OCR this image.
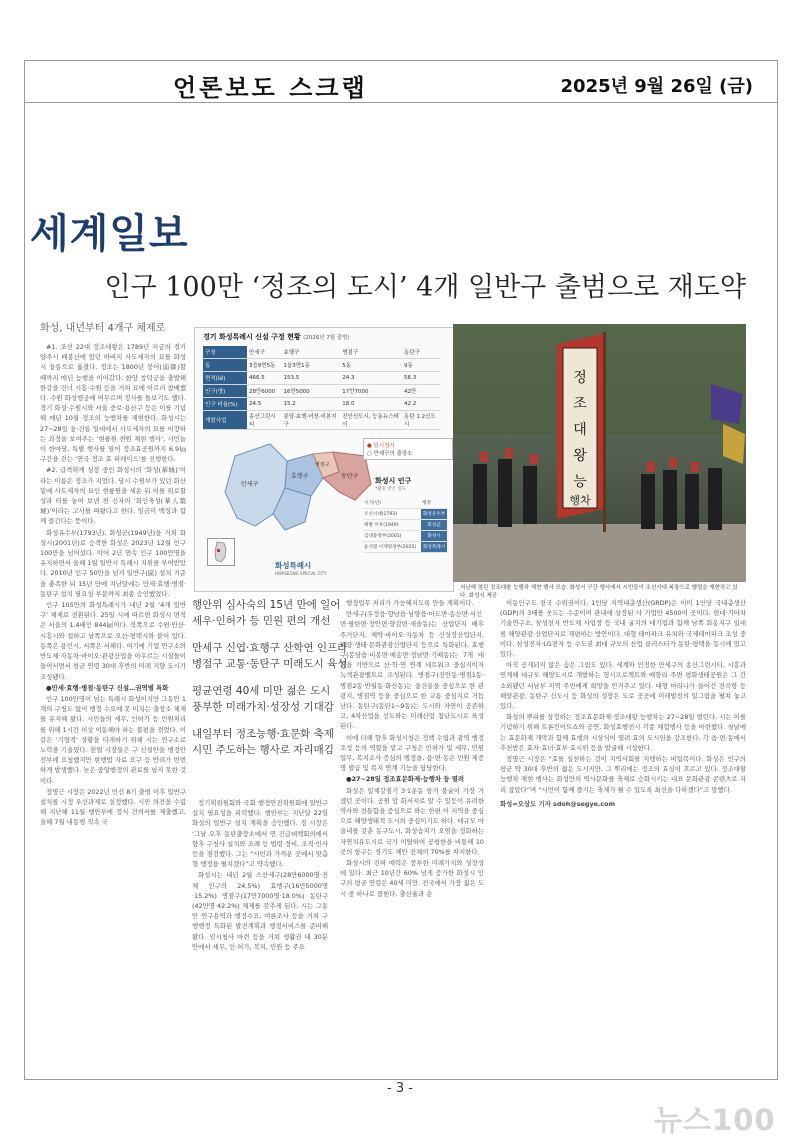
언론보도 스크랩	2025년 9월 26일 (금)
세계일보
인구 100만 ‘정조의 도시’ 4개 일반구 출범으로 재도약
화성, 내년부터 4개구 체제로

#1. 조선 22대 정조대왕은 1789년 지금의 경기 양주시 배봉산에 있던 아버지 사도세자의 묘를 화성시 융릉으로 옮겼다. 정조는 1800년 붕어(崩御)할 때까지 매년 능행을 이어갔다. 한양 창덕궁을 출발해 한강을 건너 시흥·수원 등을 거쳐 묘에 이르러 참배했다. 수원 화성행궁에 머무르며 정사를 돌보기도 했다. 경기 화성·수원시와 서울 중로·용산구 등은 이를 기념해 매년 10월 정조의 능행차를 재현한다. 화성시는 27~28일 융·건릉 일대에서 사도세자의 묘를 이장하는 과정을 보여주는 ‘현륭원 천원 재현 행사’, 시민놀이 한마당, 특별 행사를 열어 정조효공원까지 6.9㎞ 구간을 걷는 ‘연국 정조 효 퍼레이드’를 진행한다.

#2. 급격하게 성장 중인 화성시의 ‘화성(華城)’이라는 이름은 정조가 지었다. 당시 수원부가 있던 화산 밑에 사도세자의 묘인 현륭원을 세운 뒤 이를 위로할 성과 터를 놓여 보낸 천 신자의 ‘화인축성(華人築城)’이라는 고사를 따왔다고 한다. 임금이 백성과 함께 즐긴다는 뜻이다.

화성유수부(1793년), 화성군(1949년)을 거쳐 화성시(2001년)로 승격한 화성은 2023년 12월 인구 100만을 넘어섰다. 이어 2년 연속 인구 100만명을 유지하면서 올해 1월 일반시 특례시 지위를 부여받았다. 2010년 인구 50만을 넘겨 일반구(區) 설치 기준을 충족한 뒤 15년 만에 지난달에는 만세·효행·병점·동탄구 설치 필요성 부문까지 최종 승인했었다.

인구 105만의 화성특례시가 내년 2월 ‘4개 일반구’ 체제로 전환된다. 25일 시에 따르면 화성시 면적은 서울의 1.4배인 844㎢이다. 북쪽으로 수원·안산·시흥시와 접하고 남쪽으로 오산·평택시와 붙어 있다. 동쪽은 용인시, 서쪽은 서해다. 여기에 기업 연구소와 반도체·자동차·바이오·관광산업을 아우르는 시설들이 들어서면서 평균 연령 30대 후반의 미래 지향 도시가 조성됐다.

●만세·효행·병점·동탄구 신설…권역별 특화

인구 100만명이 넘는 특례시 화성이지만 그동안 1개의 구청도 없어 행정 수요에 못 미치는 출장소 체제를 유지해 왔다. 시민들의 세무, 인허가 등 민원처리를 위해 1시간 이상 이동해야 하는 불편을 겪었다. 이 같은 ‘기형적’ 상황을 타개하기 위해 시는 연구소로 노력을 기울였다. 전엽 시장들은 구 신설안을 행정안전부에 요청했지만 현행법 자료 요구 등 반려가 빈번하게 발생했다. 늦은 중앙행정의 관료를 넘지 못한 것이다.

정명근 시장은 2022년 민선 8기 출범 이후 일반구 설치를 시정 우선과제로 설정했다. 시민 의견을 수렴해 지난해 11월 행안부에 정식 건의서를 제출했고, 올해 7월 내동행 직속 국

경기 화성특례시 신설 구정 현황 (2026년 7월 출범)
구청	만세구	효행구	병점구	동탄구
동	3읍9면5동	1읍3면1동	5동	9동
면적(㎢)	466.5	153.5	24.3	56.3
인구(명)	28만6000	16만5000	17만7000	42만
인구 비율(%)	24.5	15.2	18.0	42.2
개발사업	송산그린시티	봉담·효행·어천·비봉지구	진안신도시, 능동뉴스테이	동탄 1·2신도시
만세구
효행구
병점구
동탄구
● 임시청사
○ 만세구의 출장소
화성시 인구
*괄호 안은 연도
시기(년)	행정
조선시대(1793)	화성유수부
해방 이후(1949)	화성군
김대중정부(2001)	화성시
윤석열·이재명정부(2025)	화성특례시
화성특례시
HWASEONG SPECIAL CITY
정
조
대
왕
능
행차
지난해 열린 정조대왕 능행차 재현 행사 모습. 화성시 구간 행사에서 시민들이 조선시대 복장으로 행렬을 재현하고 있다. 화성시 제공
행안위 심사숙의 15년 만에 일어
세우·인허가 등 민원 편의 개선
만세구 신엽·효행구 산학연 인프라
병점구 교통·동탄구 미래도시 육성
평균연령 40세 미만 젊은 도시
풍부한 미래가치·성장성 기대감
내일부터 정조능행·효문화 축제
시민 주도하는 행사로 자리매김

정기획위원회와 국회 행정안전위원회에 일반구 설치 필요성을 피력했다. 행안부는 지난달 22일 화성의 일반구 설치 계획을 승인했다. 정 시장은 ‘그날 오후 동탄출장소에서 연 긴급대책회의에서 향후 구청사 설치와 조례 등 법령 정비, 조직·인사 등을 점검했다. 그는 “시민과 가까운 곳에서 맞춤형 행정을 펼치겠다”고 약속했다.

화성시는 내년 2월 스산세구(28만6000명·전체 인구의 24.5%) 효행구(16만5000명·15.2%) 병점구(17만7000명·18.0%) 동탄구(42만명·42.2%) 체제를 갖추게 된다. 시는 그동안 연구용역과 행정수요, 여론조사 등을 거쳐 구행행정 특화된 발전계획과 행정서비스를 준비해 왔다. 임시청사 마련 등을 거쳐 생활권 내 30분 안에서 세무, 인·허가, 복지, 민원 등 주요

행정업무 처리가 가능해지도록 만들 계획이다.

만세구(우정읍·향남읍·남양읍·마도면·송산면·서신면·팔탄면·장안면·양감면·새솔동)는 산업단지 배후 주거단지, 제약·바이오·자동차 등 신성장산업단지, 해양·생태·문화관광산업단지 등으로 특화된다. 효행구(봉담읍·비봉면·매송면·정남면·기배동)는 7개 대학을 기반으로 산·학·연 연계 네트워크 중심지이자 녹색관광벨트로 조성된다. 병점구(진안동·병점1동·병점2동·반월동·화산동)는 융건릉을 중심으로 한 관광지, 병점역 등을 중심으로 한 교통 중심지로 거듭난다. 동탄구(동탄1~9동)는 도시와 자연이 공존하고, 4차산업을 선도하는 미래산업 첨단도시로 육성된다.

이에 더해 향후 화성시청은 정책 수립과 광역 행정 조정 등의 역할을 맡고 구청은 인허가 및 세무, 민원 업무, 복지조사 증심의 행정을, 읍·면·동은 민원 제증명 발급 및 복지 연계 기능을 담당한다.

●27~28일 정조효문화제·능행차 등 열려

화성은 일제강점기 3·1운동 항거 불굴이 가장 거셌던 곳이다. 공원 앞 화서지로 알 수 있듯이 유려한 역사와 전통함을 증심으로 하는 한편 이 지역을 중심으로 해양생태적 도시의 중심이기도 하다. 대규모 마을내를 갖춘 동구도시, 화성습지가 오염을 정화하는 자연치유도시로 국가 이탈하여 공평한을 비통해 10곳의 항구는 경기도 제안 전체의 70%를 차지한다.

화성시의 진짜 매력은 풍부한 미래가치와 성장성에 있다. 최근 10년간 60% 넘게 증가한 화성시 인구의 평균 연령은 40세 미만. 전국에서 가장 젊은 도시 중 하나로 꼽힌다. 출산율과 순

이동인구도 전국 수위권이다. 1인당 지역내총생산(GRDP)은 이미 1인당 국내총생산(GDP)의 3배를 웃도는 수준이며 관내에 상장된 사 기업만 4500여 곳이다. 현대·기아차 기술연구소, 삼성전자 반도체 사업장 등 국내 굴지의 대기업과 함께 남쪽 화옹지구 일대를 해양관광·산업단지로 재편하는 방안이다. 대형 테마파크 유치와 국제테마파크 조성 중이다. 삼성전자·LG전자 등 수도권 최대 규모의 산업 클러스터가 동탄·평택을 동시에 밀고 있다.

아직 공개되지 않은 숨은 그림도 있다. 세계와 인정한 만세구의 송산그린시티, 시흥과 연계해 대규모 해양도시로 개발하는 형시프로젝트와 매향리 주변 평화생태공원은 그 간 소외됐던 서남부 지역 주민에게 희망을 안겨주고 있다. 대형 마리나가 들어선 전곡항 등 해양관광, 동탄구 신도시 등 화성의 성장은 도로 곳곳에 미래발전의 밑그림을 펼쳐 놓고 있다.

화성의 뿌리를 상징하는 정조효문화제·정조대왕 능행차는 27~28일 열린다. 시는 이를 기념하기 위해 트론킨어트쇼와 공연, 화성효행전시 각종 체험행사 등을 마련했다. 첫날에는 효문화제 개막과 함께 효행의 시상식이 열려 효의 도시임을 강조한다. 각 읍·면·동에서 추천받은 효자·효녀·효부·효시위 등을 발굴해 시상한다.

정명근 시장은 “효를 실천하는 것이 지역사회를 지탱하는 버팀목이다. 화성은 인구의 평균 약 30대 후반의 젊은 도시지만, 그 뿌리에는 정조의 효심이 흐르고 있다. 정조대왕 능행차 재현 행사는 화성만의 역사문화를 축제로 승화시키는 대표 문화관광 콘텐츠로 자리 잡았다”며 “시민이 함께 즐기는 축제가 될 수 있도록 최선을 다하겠다”고 말했다.

화성=오상도 기자 sdoh@segye.com

- 3 -
뉴스100
